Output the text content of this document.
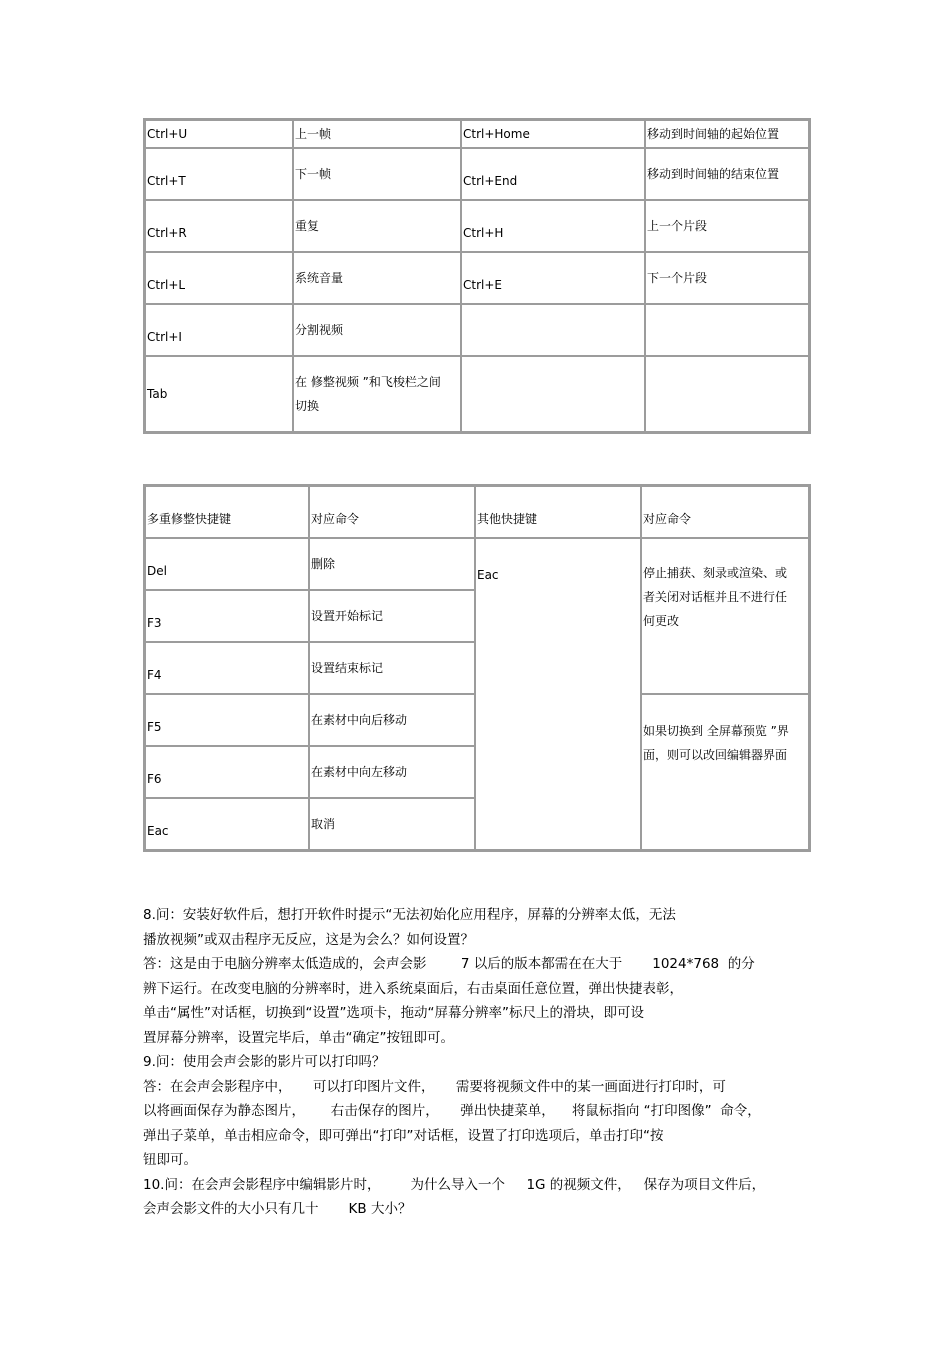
Ctrl+U	上一帧	Ctrl+Home	移动到时间轴的起始位置

Ctrl+T	下一帧	Ctrl+End	移动到时间轴的结束位置

Ctrl+R	重复	Ctrl+H	上一个片段

Ctrl+L	系统音量	Ctrl+E	下一个片段

Ctrl+I	分割视频		

Tab	在 修整视频 ”和飞梭栏之间切换		

多重修整快捷键	对应命令	其他快捷键	对应命令

Del	删除	Eac	停止捕获、刻录或渲染、或者关闭对话框并且不进行任何更改

F3	设置开始标记		

F4	设置结束标记		

F5	在素材中向后移动		如果切换到 全屏幕预览 ”界面，则可以改回编辑器界面

F6	在素材中向左移动		

Eac	取消		

8.问：安装好软件后，想打开软件时提示“无法初始化应用程序，屏幕的分辨率太低，无法

播放视频”或双击程序无反应，这是为会么？如何设置？

答：这是由于电脑分辨率太低造成的，会声会影        7 以后的版本都需在在大于       1024*768  的分

辨下运行。在改变电脑的分辨率时，进入系统桌面后，右击桌面任意位置，弹出快捷表彰，

单击“属性”对话框，切换到“设置”选项卡，拖动“屏幕分辨率”标尺上的滑块，即可设

置屏幕分辨率，设置完毕后，单击“确定”按钮即可。

9.问：使用会声会影的影片可以打印吗？

答：在会声会影程序中，     可以打印图片文件，     需要将视频文件中的某一画面进行打印时，可

以将画面保存为静态图片，      右击保存的图片，     弹出快捷菜单，    将鼠标指向 “打印图像”  命令，

弹出子菜单，单击相应命令，即可弹出“打印”对话框，设置了打印选项后，单击打印“按

钮即可。

10.问：在会声会影程序中编辑影片时，       为什么导入一个     1G 的视频文件，   保存为项目文件后，

会声会影文件的大小只有几十       KB 大小？
